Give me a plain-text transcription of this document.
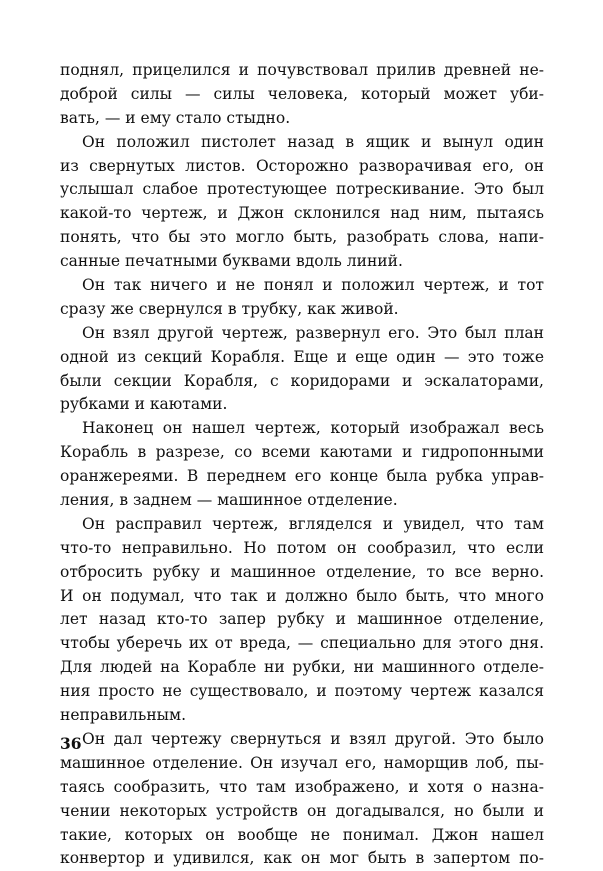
поднял, прицелился и почувствовал прилив древней не-
доброй силы — силы человека, который может уби-
вать, — и ему стало стыдно.
Он положил пистолет назад в ящик и вынул один
из свернутых листов. Осторожно разворачивая его, он
услышал слабое протестующее потрескивание. Это был
какой-то чертеж, и Джон склонился над ним, пытаясь
понять, что бы это могло быть, разобрать слова, напи-
санные печатными буквами вдоль линий.
Он так ничего и не понял и положил чертеж, и тот
сразу же свернулся в трубку, как живой.
Он взял другой чертеж, развернул его. Это был план
одной из секций Корабля. Еще и еще один — это тоже
были секции Корабля, с коридорами и эскалаторами,
рубками и каютами.
Наконец он нашел чертеж, который изображал весь
Корабль в разрезе, со всеми каютами и гидропонными
оранжереями. В переднем его конце была рубка управ-
ления, в заднем — машинное отделение.
Он расправил чертеж, вгляделся и увидел, что там
что-то неправильно. Но потом он сообразил, что если
отбросить рубку и машинное отделение, то все верно.
И он подумал, что так и должно было быть, что много
лет назад кто-то запер рубку и машинное отделение,
чтобы уберечь их от вреда, — специально для этого дня.
Для людей на Корабле ни рубки, ни машинного отделе-
ния просто не существовало, и поэтому чертеж казался
неправильным.
Он дал чертежу свернуться и взял другой. Это было
машинное отделение. Он изучал его, наморщив лоб, пы-
таясь сообразить, что там изображено, и хотя о назна-
чении некоторых устройств он догадывался, но были и
такие, которых он вообще не понимал. Джон нашел
конвертор и удивился, как он мог быть в запертом по-
36
